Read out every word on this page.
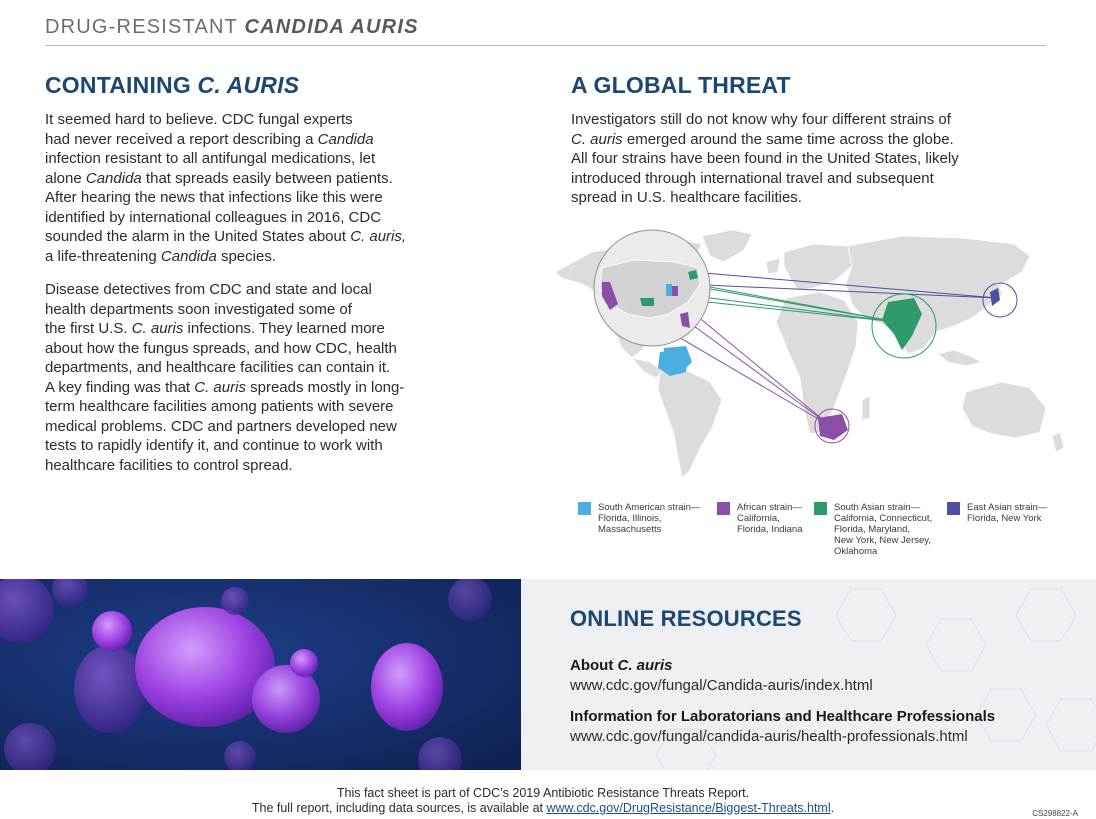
DRUG-RESISTANT CANDIDA AURIS
CONTAINING C. AURIS

It seemed hard to believe. CDC fungal experts
had never received a report describing a Candida
infection resistant to all antifungal medications, let
alone Candida that spreads easily between patients.
After hearing the news that infections like this were
identified by international colleagues in 2016, CDC
sounded the alarm in the United States about C. auris,
a life-threatening Candida species.

Disease detectives from CDC and state and local
health departments soon investigated some of
the first U.S. C. auris infections. They learned more
about how the fungus spreads, and how CDC, health
departments, and healthcare facilities can contain it.
A key finding was that C. auris spreads mostly in long-
term healthcare facilities among patients with severe
medical problems. CDC and partners developed new
tests to rapidly identify it, and continue to work with
healthcare facilities to control spread.

A GLOBAL THREAT

Investigators still do not know why four different strains of
C. auris emerged around the same time across the globe.
All four strains have been found in the United States, likely
introduced through international travel and subsequent
spread in U.S. healthcare facilities.

South American strain—
Florida, Illinois,
Massachusetts
African strain—
California,
Florida, Indiana
South Asian strain—
California, Connecticut,
Florida, Maryland,
New York, New Jersey,
Oklahoma
East Asian strain—
Florida, New York
ONLINE RESOURCES
About C. auris
www.cdc.gov/fungal/Candida-auris/index.html
Information for Laboratorians and Healthcare Professionals
www.cdc.gov/fungal/candida-auris/health-professionals.html
This fact sheet is part of CDC’s 2019 Antibiotic Resistance Threats Report.
The full report, including data sources, is available at www.cdc.gov/DrugResistance/Biggest-Threats.html.	CS298822-A
